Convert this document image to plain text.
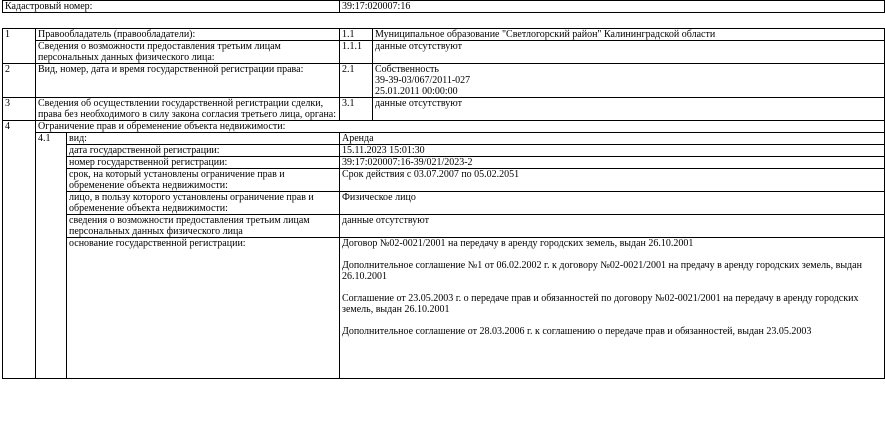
Кадастровый номер:	39:17:020007:16
1	Правообладатель (правообладатели):		1.1	Муниципальное образование "Светлогорский район" Калининградской области
	Сведения о возможности предоставления третьим лицам персональных данных физического лица:		1.1.1	данные отсутствуют
2	Вид, номер, дата и время государственной регистрации права:		2.1	Собственность

39-39-03/067/2011-027

25.01.2011 00:00:00

3	Сведения об осуществлении государственной регистрации сделки, права без необходимого в силу закона согласия третьего лица, органа:		3.1	данные отсутствуют
4	Ограничение прав и обременение объекта недвижимости:			
	4.1	вид:	Аренда	
		дата государственной регистрации:	15.11.2023 15:01:30	
		номер государственной регистрации:	39:17:020007:16-39/021/2023-2	
		срок, на который установлены ограничение прав и обременение объекта недвижимости:	Срок действия с 03.07.2007 по 05.02.2051	
		лицо, в пользу которого установлены ограничение прав и обременение объекта недвижимости:	Физическое лицо	
		сведения о возможности предоставления третьим лицам персональных данных физического лица	данные отсутствуют	
		основание государственной регистрации:	Договор №02-0021/2001 на передачу в аренду городских земель, выдан 26.10.2001

Дополнительное соглашение №1 от 06.02.2002 г. к договору №02-0021/2001 на предачу в аренду городских земель, выдан 26.10.2001

Соглашение от 23.05.2003 г. о передаче прав и обязанностей по договору №02-0021/2001 на передачу в аренду городских земель, выдан 26.10.2001

Дополнительное соглашение от 28.03.2006 г. к соглашению о передаче прав и обязанностей, выдан 23.05.2003	
